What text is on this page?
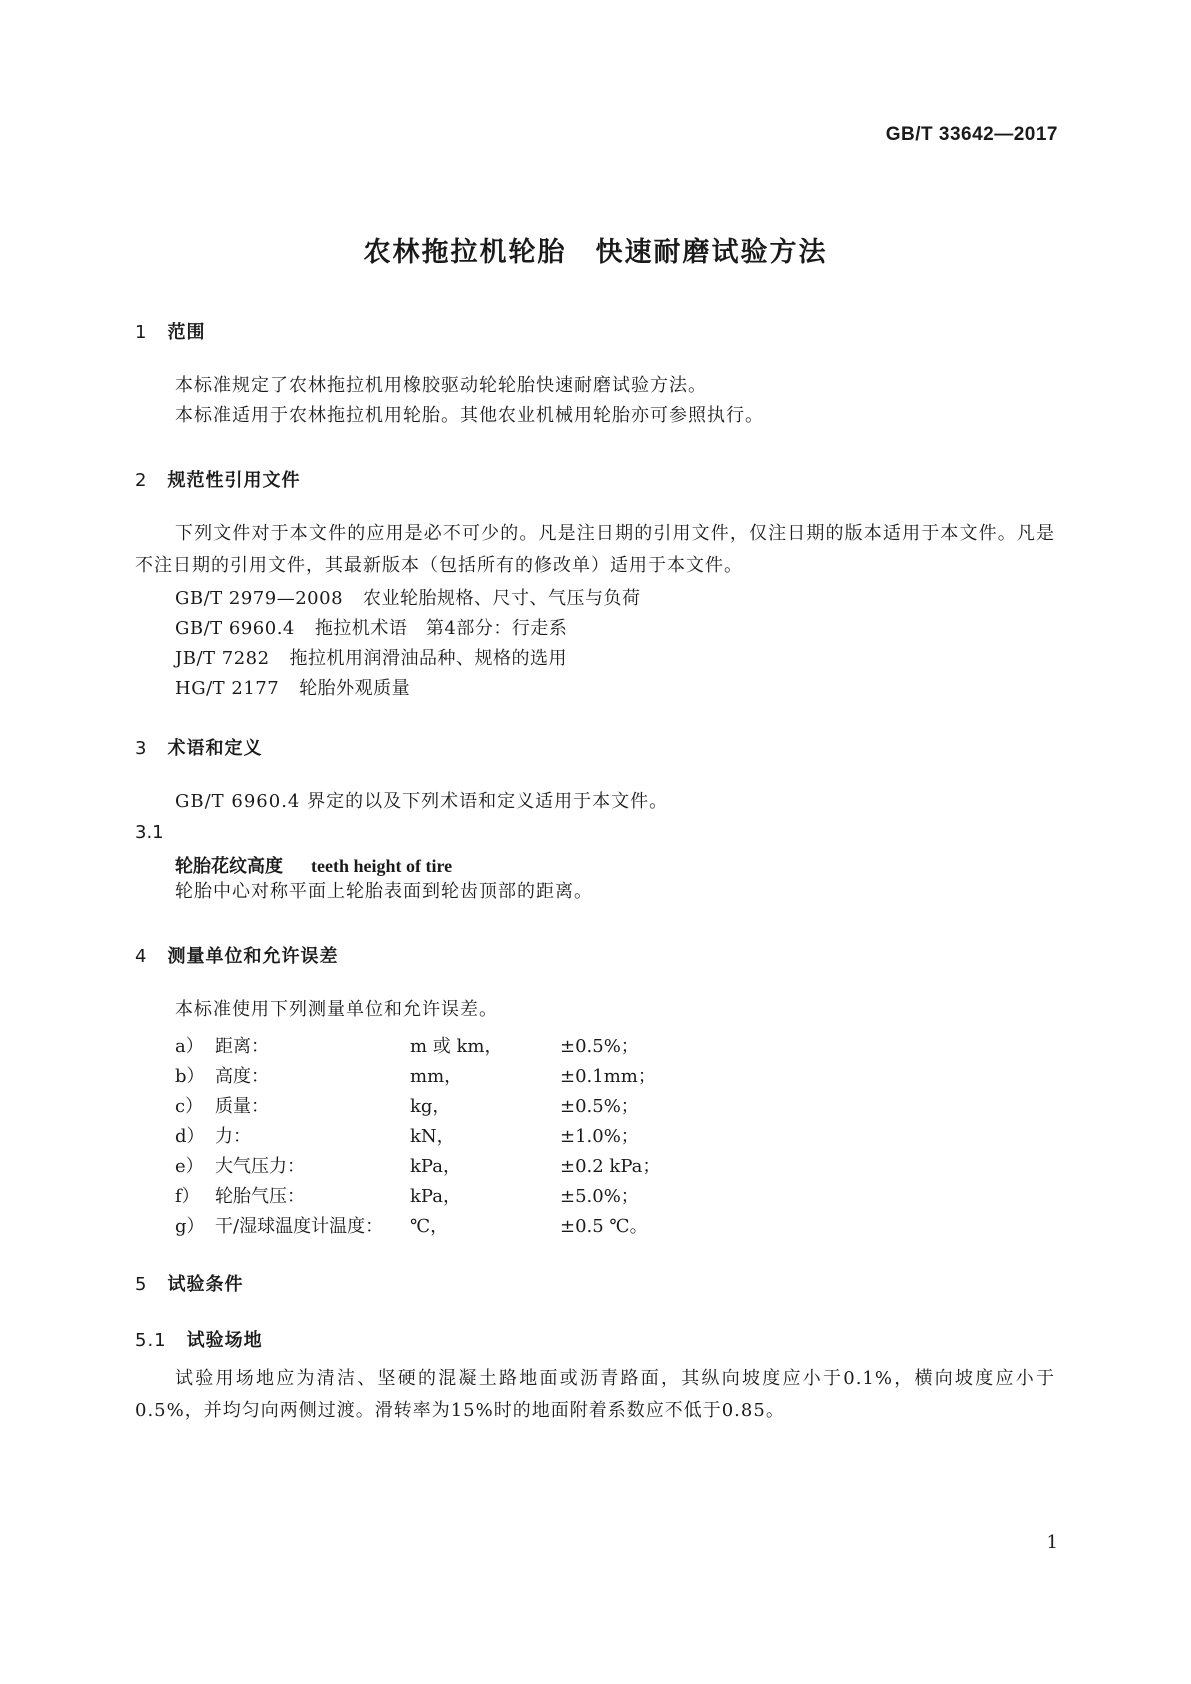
GB/T 33642—2017
农林拖拉机轮胎　快速耐磨试验方法
1 范围
本标准规定了农林拖拉机用橡胶驱动轮轮胎快速耐磨试验方法。
本标准适用于农林拖拉机用轮胎。其他农业机械用轮胎亦可参照执行。
2 规范性引用文件
下列文件对于本文件的应用是必不可少的。凡是注日期的引用文件，仅注日期的版本适用于本文件。凡是不注日期的引用文件，其最新版本（包括所有的修改单）适用于本文件。
GB/T 2979—2008 农业轮胎规格、尺寸、气压与负荷
GB/T 6960.4 拖拉机术语　第4部分：行走系
JB/T 7282 拖拉机用润滑油品种、规格的选用
HG/T 2177 轮胎外观质量
3 术语和定义
GB/T 6960.4 界定的以及下列术语和定义适用于本文件。
3.1
轮胎花纹高度 teeth height of tire
轮胎中心对称平面上轮胎表面到轮齿顶部的距离。
4 测量单位和允许误差
本标准使用下列测量单位和允许误差。
a） 距离：	m 或 km，	±0.5%；
b） 高度：	mm，	±0.1mm；
c） 质量：	kg，	±0.5%；
d） 力：	kN，	±1.0%；
e） 大气压力：	kPa，	±0.2 kPa；
f） 轮胎气压：	kPa，	±5.0%；
g） 干/湿球温度计温度： ℃，	±0.5 ℃。
5 试验条件
5.1 试验场地
试验用场地应为清洁、坚硬的混凝土路地面或沥青路面，其纵向坡度应小于0.1%，横向坡度应小于0.5%，并均匀向两侧过渡。滑转率为15%时的地面附着系数应不低于0.85。
1
